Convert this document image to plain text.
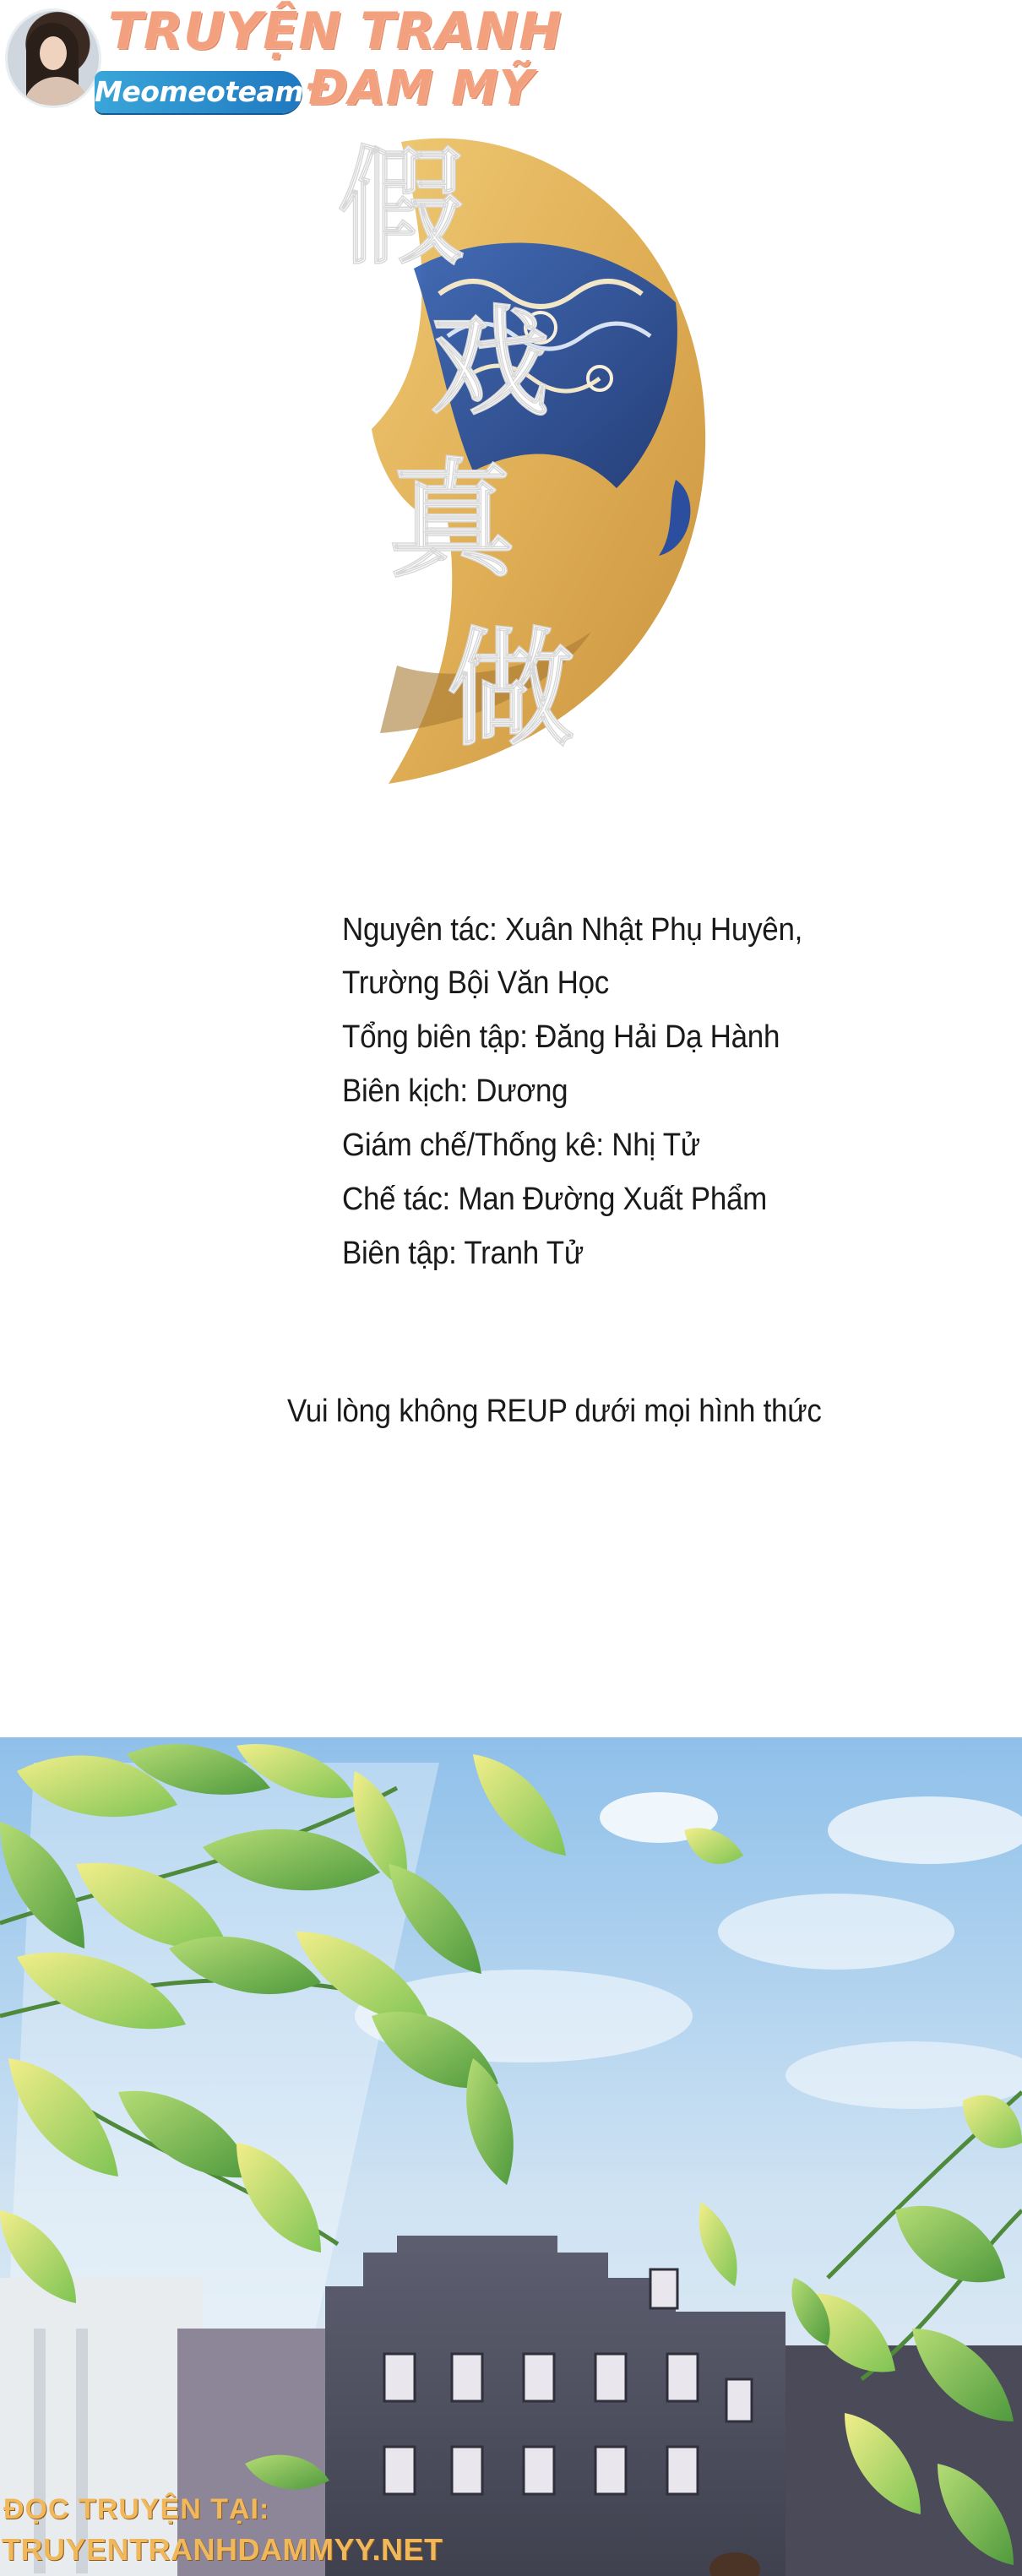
TRUYỆN TRANH
ĐAM MỸ
Meomeoteam
假
戏
真
做
Nguyên tác: Xuân Nhật Phụ Huyên,
Trường Bội Văn Học
Tổng biên tập: Đăng Hải Dạ Hành
Biên kịch: Dương
Giám chế/Thống kê: Nhị Tử
Chế tác: Man Đường Xuất Phẩm
Biên tập: Tranh Tử
Vui lòng không REUP dưới mọi hình thức
ĐỌC TRUYỆN TẠI:
TRUYENTRANHDAMMYY.NET
